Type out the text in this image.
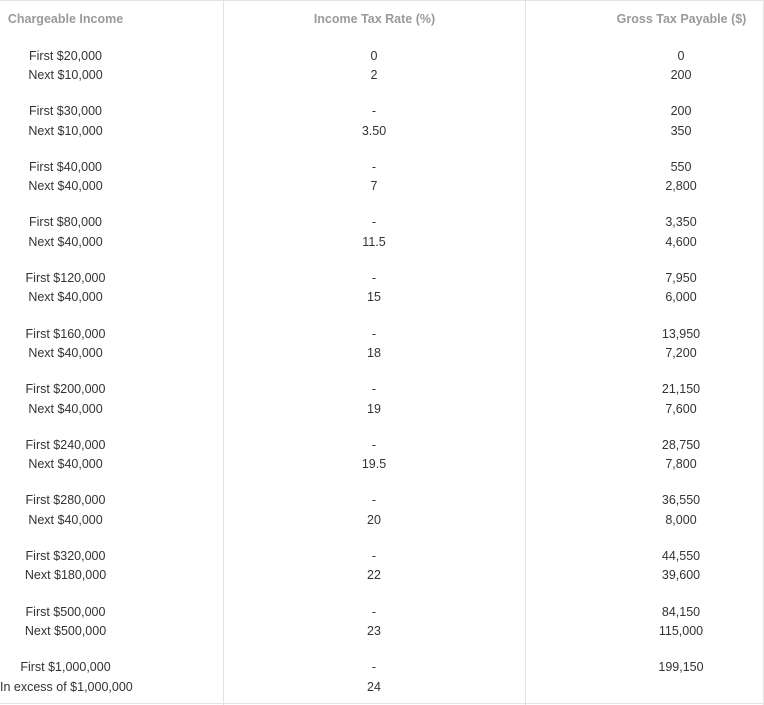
Chargeable Income	Income Tax Rate (%)	Gross Tax Payable ($)
First $20,000
Next $10,000
0
2
0
200
First $30,000
Next $10,000
-
3.50
200
350
First $40,000
Next $40,000
-
7
550
2,800
First $80,000
Next $40,000
-
11.5
3,350
4,600
First $120,000
Next $40,000
-
15
7,950
6,000
First $160,000
Next $40,000
-
18
13,950
7,200
First $200,000
Next $40,000
-
19
21,150
7,600
First $240,000
Next $40,000
-
19.5
28,750
7,800
First $280,000
Next $40,000
-
20
36,550
8,000
First $320,000
Next $180,000
-
22
44,550
39,600
First $500,000
Next $500,000
-
23
84,150
115,000
First $1,000,000
In excess of $1,000,000
-
24
199,150
